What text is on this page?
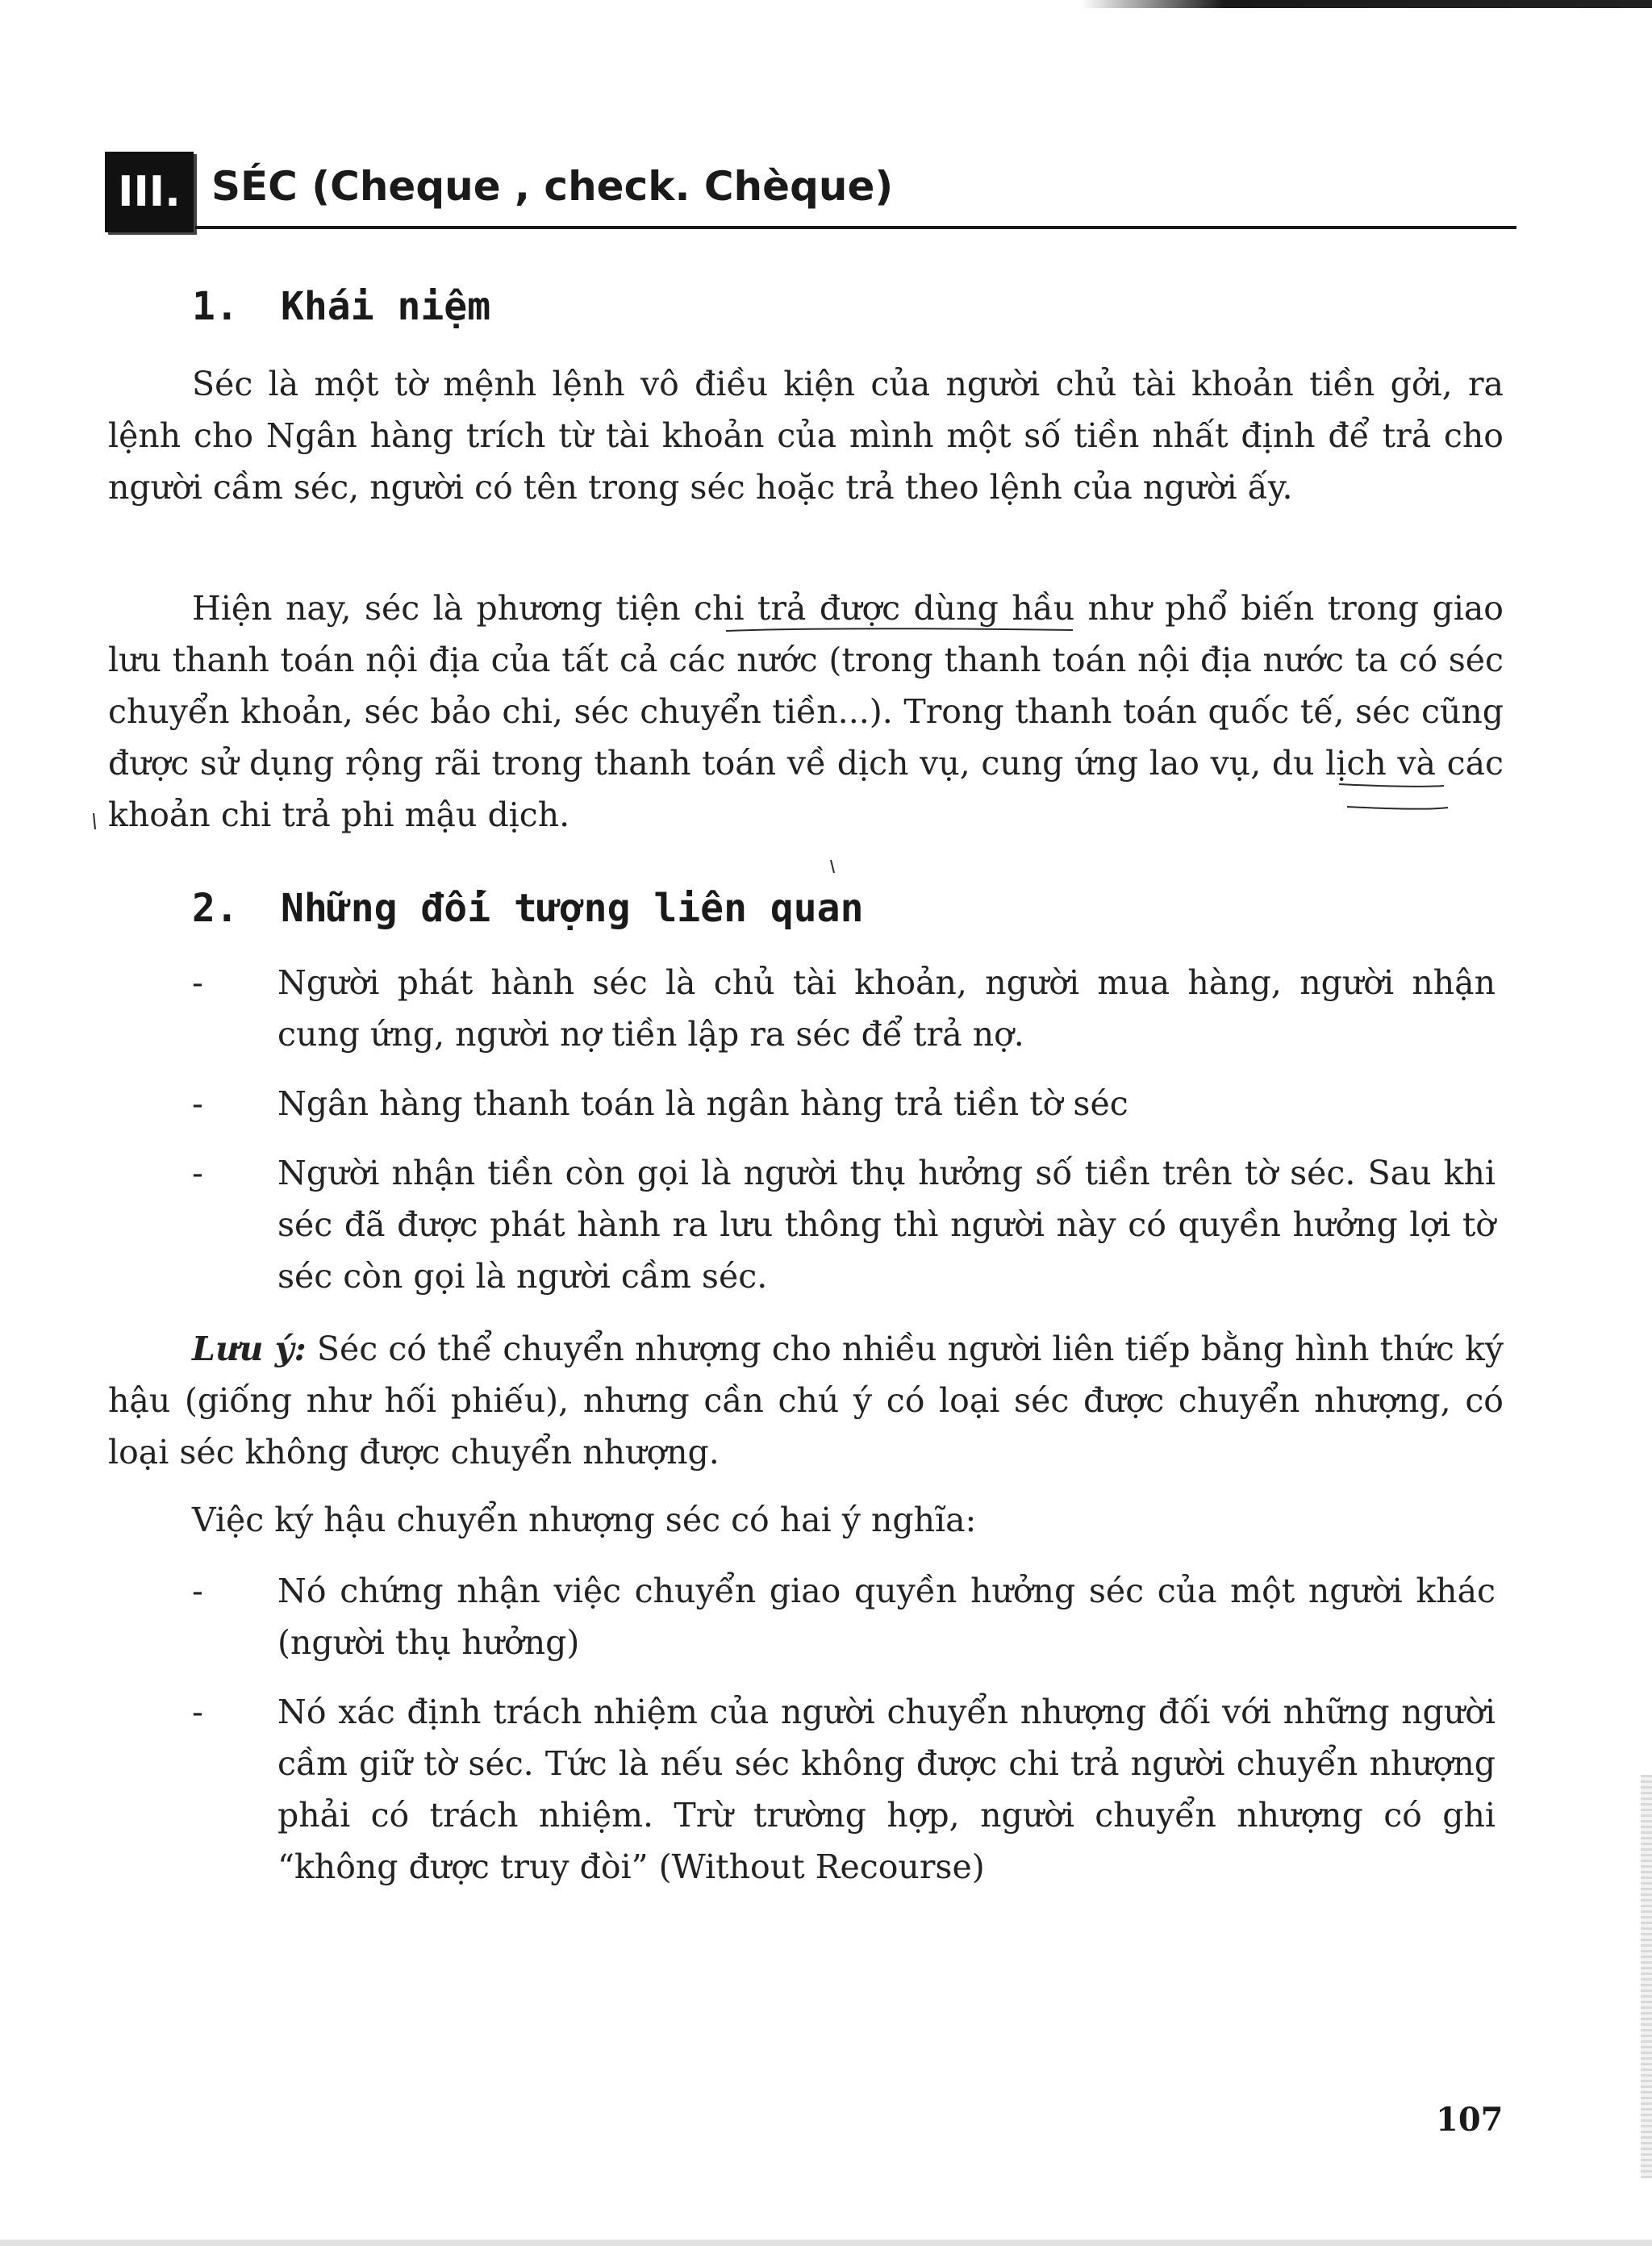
III. SÉC (Cheque , check. Chèque)
1. Khái niệm

Séc là một tờ mệnh lệnh vô điều kiện của người chủ tài khoản tiền gởi, ra lệnh cho Ngân hàng trích từ tài khoản của mình một số tiền nhất định để trả cho người cầm séc, người có tên trong séc hoặc trả theo lệnh của người ấy.

Hiện nay, séc là phương tiện chi trả được dùng hầu như phổ biến trong giao lưu thanh toán nội địa của tất cả các nước (trong thanh toán nội địa nước ta có séc chuyển khoản, séc bảo chi, séc chuyển tiền...). Trong thanh toán quốc tế, séc cũng được sử dụng rộng rãi trong thanh toán về dịch vụ, cung ứng lao vụ, du lịch và các khoản chi trả phi mậu dịch.

2. Những đối tượng liên quan
- Người phát hành séc là chủ tài khoản, người mua hàng, người nhận cung ứng, người nợ tiền lập ra séc để trả nợ.
- Ngân hàng thanh toán là ngân hàng trả tiền tờ séc
- Người nhận tiền còn gọi là người thụ hưởng số tiền trên tờ séc. Sau khi séc đã được phát hành ra lưu thông thì người này có quyền hưởng lợi tờ séc còn gọi là người cầm séc.

Lưu ý: Séc có thể chuyển nhượng cho nhiều người liên tiếp bằng hình thức ký hậu (giống như hối phiếu), nhưng cần chú ý có loại séc được chuyển nhượng, có loại séc không được chuyển nhượng.

Việc ký hậu chuyển nhượng séc có hai ý nghĩa:

- Nó chứng nhận việc chuyển giao quyền hưởng séc của một người khác (người thụ hưởng)
- Nó xác định trách nhiệm của người chuyển nhượng đối với những người cầm giữ tờ séc. Tức là nếu séc không được chi trả người chuyển nhượng phải có trách nhiệm. Trừ trường hợp, người chuyển nhượng có ghi “không được truy đòi” (Without Recourse)
107
